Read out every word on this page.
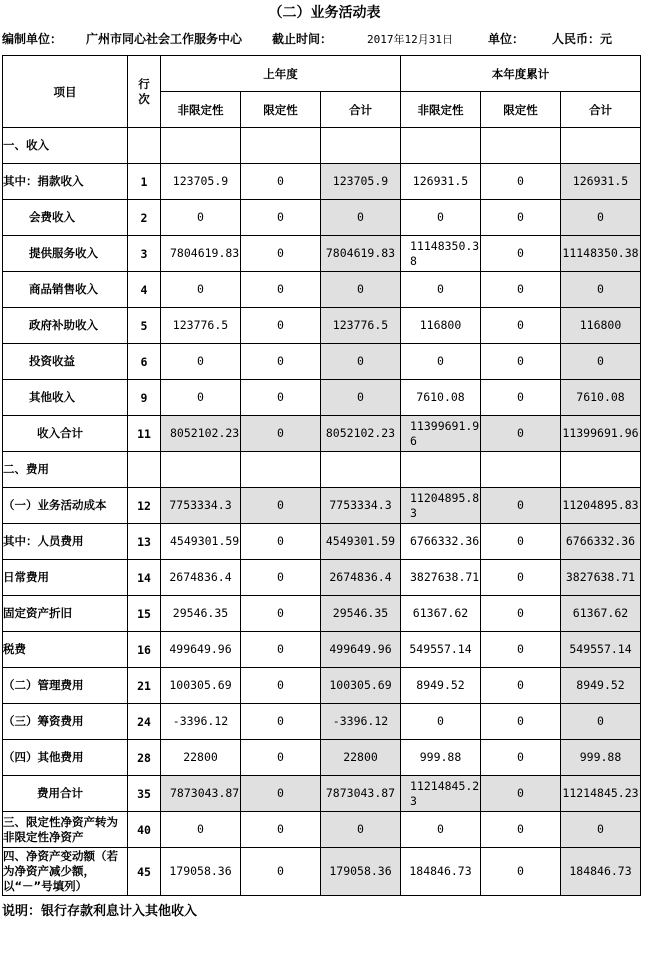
（二）业务活动表
编制单位： 广州市同心社会工作服务中心 截止时间：	2017年12月31日	单位： 人民币：元
项目	行次	上年度			本年度累计		
		非限定性	限定性	合计	非限定性	限定性	合计
一、收入							
其中：捐款收入	1	123705.9	0	123705.9	126931.5	0	126931.5
会费收入	2	0	0	0	0	0	0
提供服务收入	3	7804619.83	0	7804619.83	11148350.38	0	11148350.38
商品销售收入	4	0	0	0	0	0	0
政府补助收入	5	123776.5	0	123776.5	116800	0	116800
投资收益	6	0	0	0	0	0	0
其他收入	9	0	0	0	7610.08	0	7610.08
收入合计	11	8052102.23	0	8052102.23	11399691.96	0	11399691.96
二、费用							
（一）业务活动成本	12	7753334.3	0	7753334.3	11204895.83	0	11204895.83
其中：人员费用	13	4549301.59	0	4549301.59	6766332.36	0	6766332.36
日常费用	14	2674836.4	0	2674836.4	3827638.71	0	3827638.71
固定资产折旧	15	29546.35	0	29546.35	61367.62	0	61367.62
税费	16	499649.96	0	499649.96	549557.14	0	549557.14
（二）管理费用	21	100305.69	0	100305.69	8949.52	0	8949.52
（三）筹资费用	24	-3396.12	0	-3396.12	0	0	0
（四）其他费用	28	22800	0	22800	999.88	0	999.88
费用合计	35	7873043.87	0	7873043.87	11214845.23	0	11214845.23
三、限定性净资产转为非限定性净资产	40	0	0	0	0	0	0
四、净资产变动额（若为净资产减少额，以“－”号填列）	45	179058.36	0	179058.36	184846.73	0	184846.73
说明：银行存款利息计入其他收入
